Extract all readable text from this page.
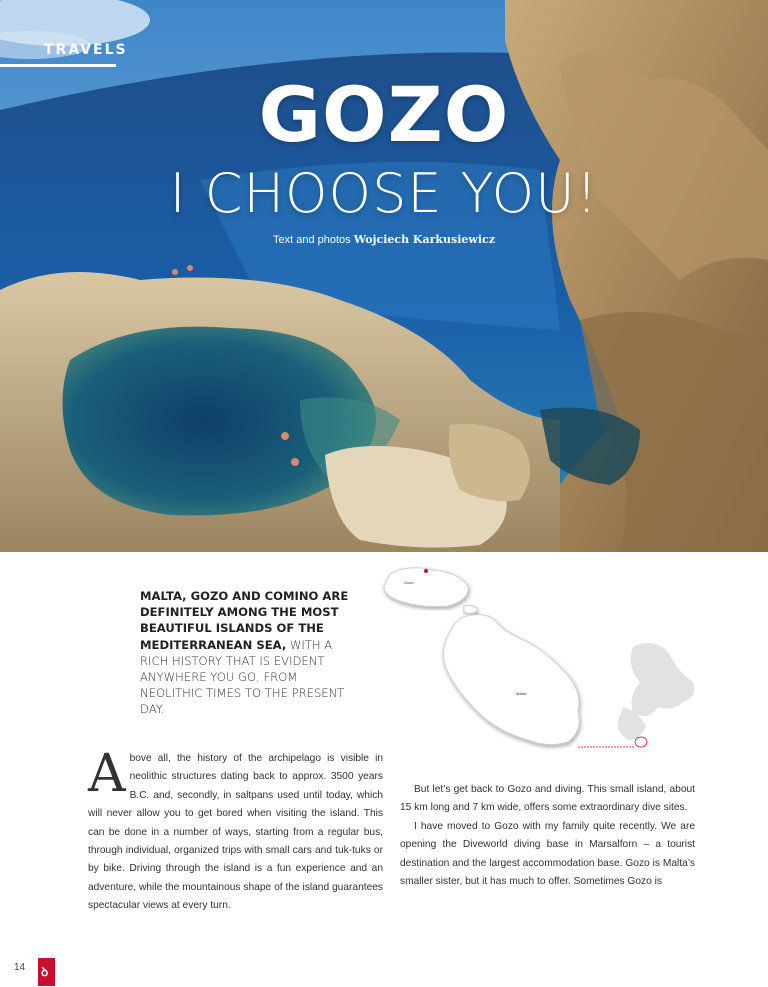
TRAVELS
GOZO
I CHOOSE YOU!
Text and photos Wojciech Karkusiewicz
MALTA, GOZO AND COMINO ARE DEFINITELY AMONG THE MOST BEAUTIFUL ISLANDS OF THE MEDITERRANEAN SEA, WITH A RICH HISTORY THAT IS EVIDENT ANYWHERE YOU GO, FROM NEOLITHIC TIMES TO THE PRESENT DAY.
Gozo
Malta

Above all, the history of the archipelago is visible in neolithic structures dating back to approx. 3500 years B.C. and, secondly, in saltpans used until today, which will never allow you to get bored when visiting the island. This can be done in a number of ways, starting from a regular bus, through individual, organized trips with small cars and tuk-tuks or by bike. Driving through the island is a fun experience and an adventure, while the mountainous shape of the island guarantees spectacular views at every turn.

But let’s get back to Gozo and diving. This small island, about 15 km long and 7 km wide, offers some extraordinary dive sites.

I have moved to Gozo with my family quite recently. We are opening the Diveworld diving base in Marsalforn – a tourist destination and the largest accommodation base. Gozo is Malta’s smaller sister, but it has much to offer. Sometimes Gozo is

14 ꝺ
